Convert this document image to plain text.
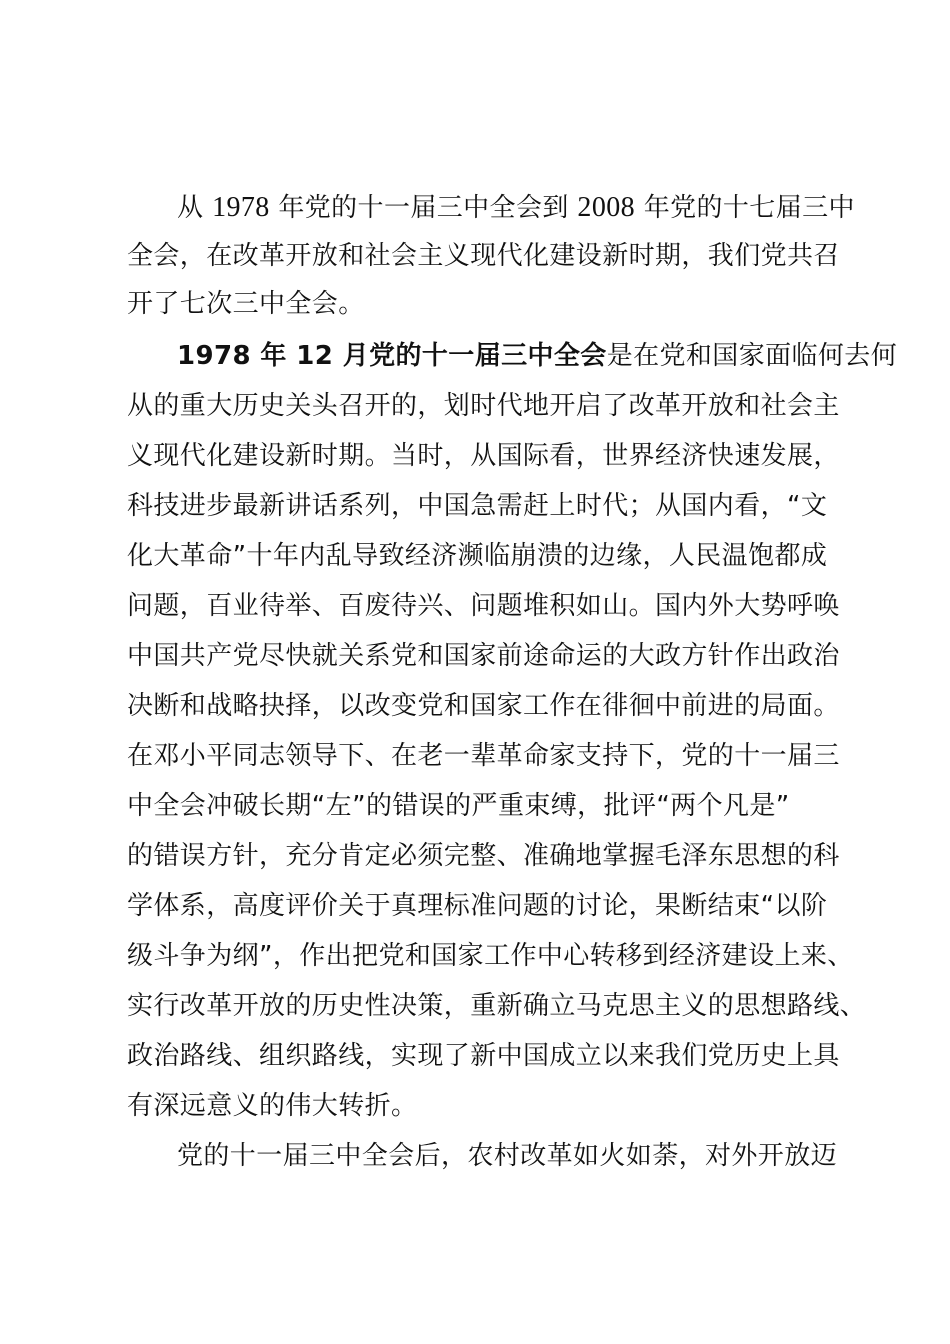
从 1978 年党的十一届三中全会到 2008 年党的十七届三中
全会，在改革开放和社会主义现代化建设新时期，我们党共召
开了七次三中全会。
1978 年 12 月党的十一届三中全会是在党和国家面临何去何
从的重大历史关头召开的，划时代地开启了改革开放和社会主
义现代化建设新时期。当时，从国际看，世界经济快速发展，
科技进步最新讲话系列，中国急需赶上时代；从国内看，“文
化大革命”十年内乱导致经济濒临崩溃的边缘，人民温饱都成
问题，百业待举、百废待兴、问题堆积如山。国内外大势呼唤
中国共产党尽快就关系党和国家前途命运的大政方针作出政治
决断和战略抉择，以改变党和国家工作在徘徊中前进的局面。
在邓小平同志领导下、在老一辈革命家支持下，党的十一届三
中全会冲破长期“左”的错误的严重束缚，批评“两个凡是”
的错误方针，充分肯定必须完整、准确地掌握毛泽东思想的科
学体系，高度评价关于真理标准问题的讨论，果断结束“以阶
级斗争为纲”，作出把党和国家工作中心转移到经济建设上来、
实行改革开放的历史性决策，重新确立马克思主义的思想路线、
政治路线、组织路线，实现了新中国成立以来我们党历史上具
有深远意义的伟大转折。
党的十一届三中全会后，农村改革如火如荼，对外开放迈
